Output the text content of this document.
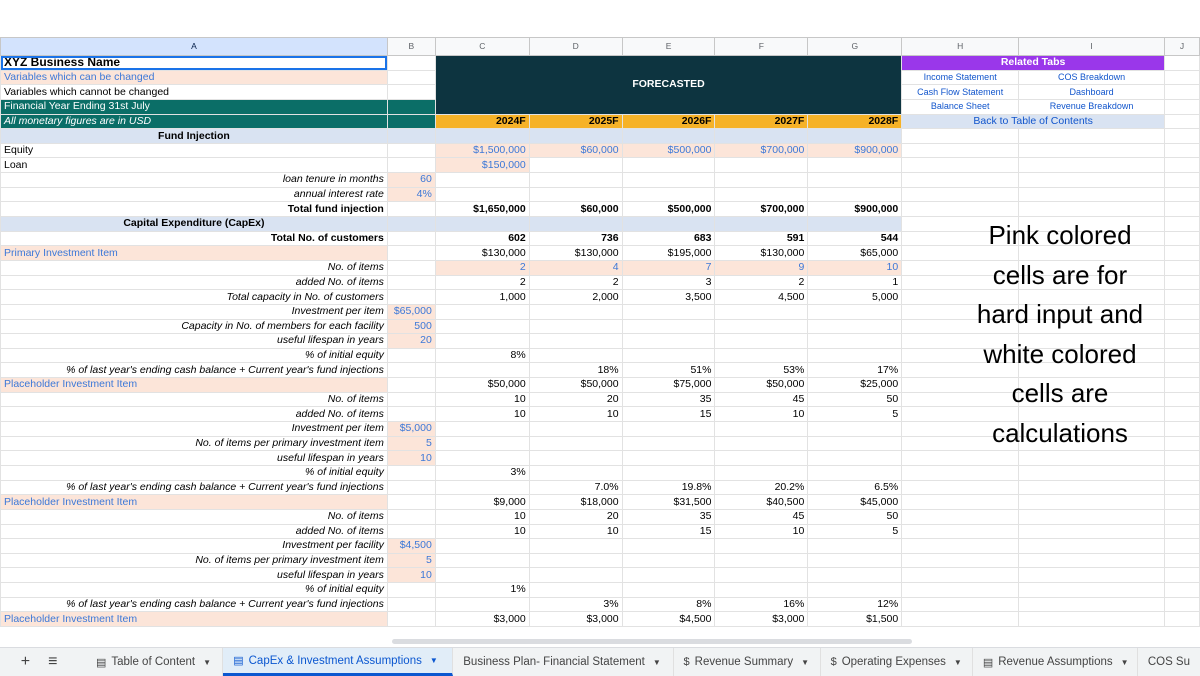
A	B	C	D	E	F	G	H	I	J
XYZ Business Name		FORECASTED					Related Tabs		
Variables which can be changed							Income Statement	COS Breakdown	
Variables which cannot be changed							Cash Flow Statement	Dashboard	
Financial Year Ending 31st July							Balance Sheet	Revenue Breakdown	
All monetary figures are in USD		2024F	2025F	2026F	2027F	2028F	Back to Table of Contents		
Fund Injection									
Equity		$1,500,000	$60,000	$500,000	$700,000	$900,000			
Loan		$150,000							
loan tenure in months	60								
annual interest rate	4%								
Total fund injection		$1,650,000	$60,000	$500,000	$700,000	$900,000			
Capital Expenditure (CapEx)									
Total No. of customers		602	736	683	591	544			
Primary Investment Item		$130,000	$130,000	$195,000	$130,000	$65,000			
No. of items		2	4	7	9	10			
added No. of items		2	2	3	2	1			
Total capacity in No. of customers		1,000	2,000	3,500	4,500	5,000			
Investment per item	$65,000								
Capacity in No. of members for each facility	500								
useful lifespan in years	20								
% of initial equity		8%							
% of last year's ending cash balance + Current year's fund injections			18%	51%	53%	17%			
Placeholder Investment Item		$50,000	$50,000	$75,000	$50,000	$25,000			
No. of items		10	20	35	45	50			
added No. of items		10	10	15	10	5			
Investment per item	$5,000								
No. of items per primary investment item	5								
useful lifespan in years	10								
% of initial equity		3%							
% of last year's ending cash balance + Current year's fund injections			7.0%	19.8%	20.2%	6.5%			
Placeholder Investment Item		$9,000	$18,000	$31,500	$40,500	$45,000			
No. of items		10	20	35	45	50			
added No. of items		10	10	15	10	5			
Investment per facility	$4,500								
No. of items per primary investment item	5								
useful lifespan in years	10								
% of initial equity		1%							
% of last year's ending cash balance + Current year's fund injections			3%	8%	16%	12%			
Placeholder Investment Item		$3,000	$3,000	$4,500	$3,000	$1,500			
Pink colored
cells are for
hard input and
white colored
cells are
calculations
+	≡	▤ Table of Content ▼ ▤ CapEx & Investment Assumptions ▼ Business Plan- Financial Statement ▼ $ Revenue Summary ▼ $ Operating Expenses ▼ ▤ Revenue Assumptions ▼ COS Su
